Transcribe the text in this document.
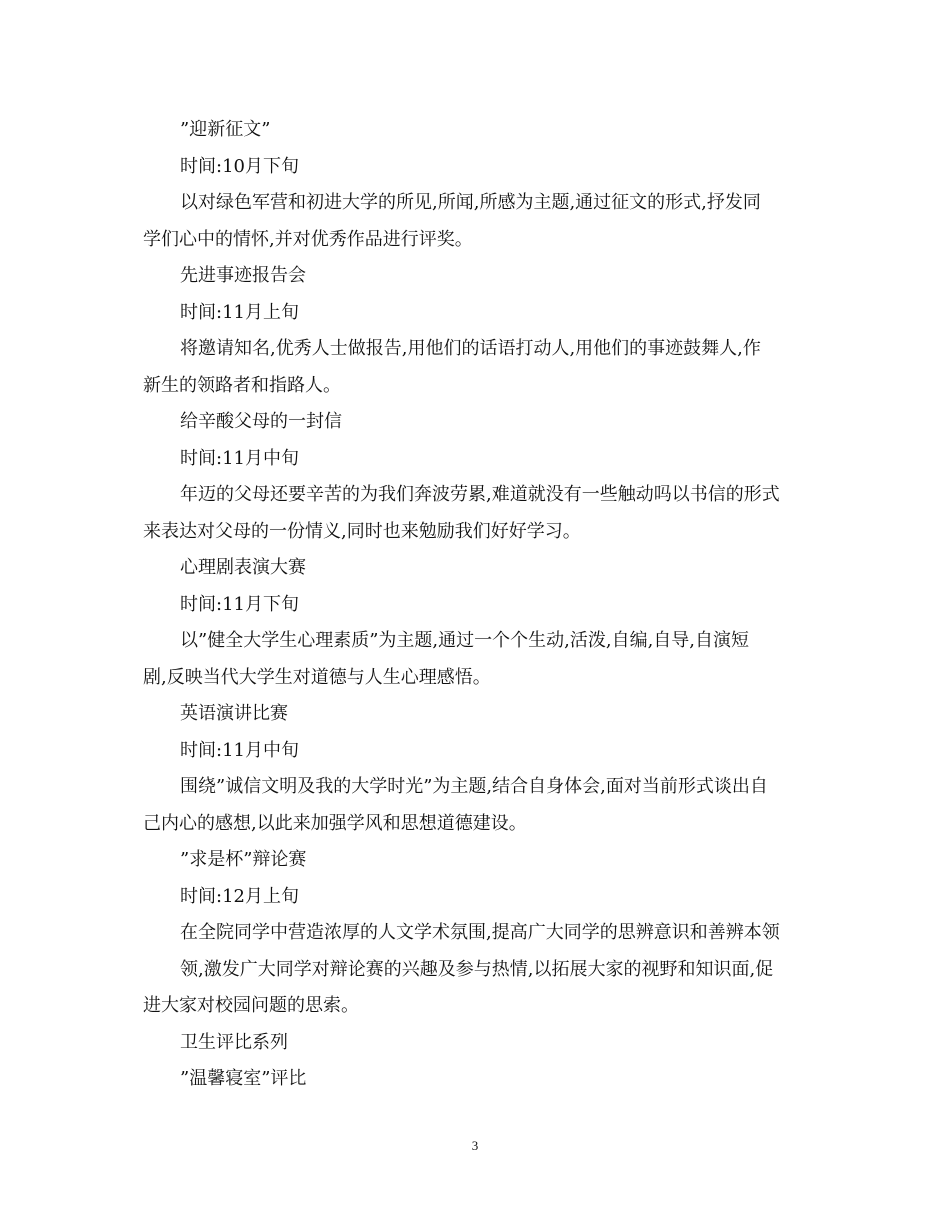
”迎新征文”
时间:10月下旬
以对绿色军营和初进大学的所见,所闻,所感为主题,通过征文的形式,抒发同
学们心中的情怀,并对优秀作品进行评奖。
先进事迹报告会
时间:11月上旬
将邀请知名,优秀人士做报告,用他们的话语打动人,用他们的事迹鼓舞人,作
新生的领路者和指路人。
给辛酸父母的一封信
时间:11月中旬
年迈的父母还要辛苦的为我们奔波劳累,难道就没有一些触动吗以书信的形式
来表达对父母的一份情义,同时也来勉励我们好好学习。
心理剧表演大赛
时间:11月下旬
以”健全大学生心理素质”为主题,通过一个个生动,活泼,自编,自导,自演短
剧,反映当代大学生对道德与人生心理感悟。
英语演讲比赛
时间:11月中旬
围绕”诚信文明及我的大学时光”为主题,结合自身体会,面对当前形式谈出自
己内心的感想,以此来加强学风和思想道德建设。
”求是杯”辩论赛
时间:12月上旬
在全院同学中营造浓厚的人文学术氛围,提高广大同学的思辨意识和善辨本领
领,激发广大同学对辩论赛的兴趣及参与热情,以拓展大家的视野和知识面,促
进大家对校园问题的思索。
卫生评比系列
”温馨寝室”评比
3
